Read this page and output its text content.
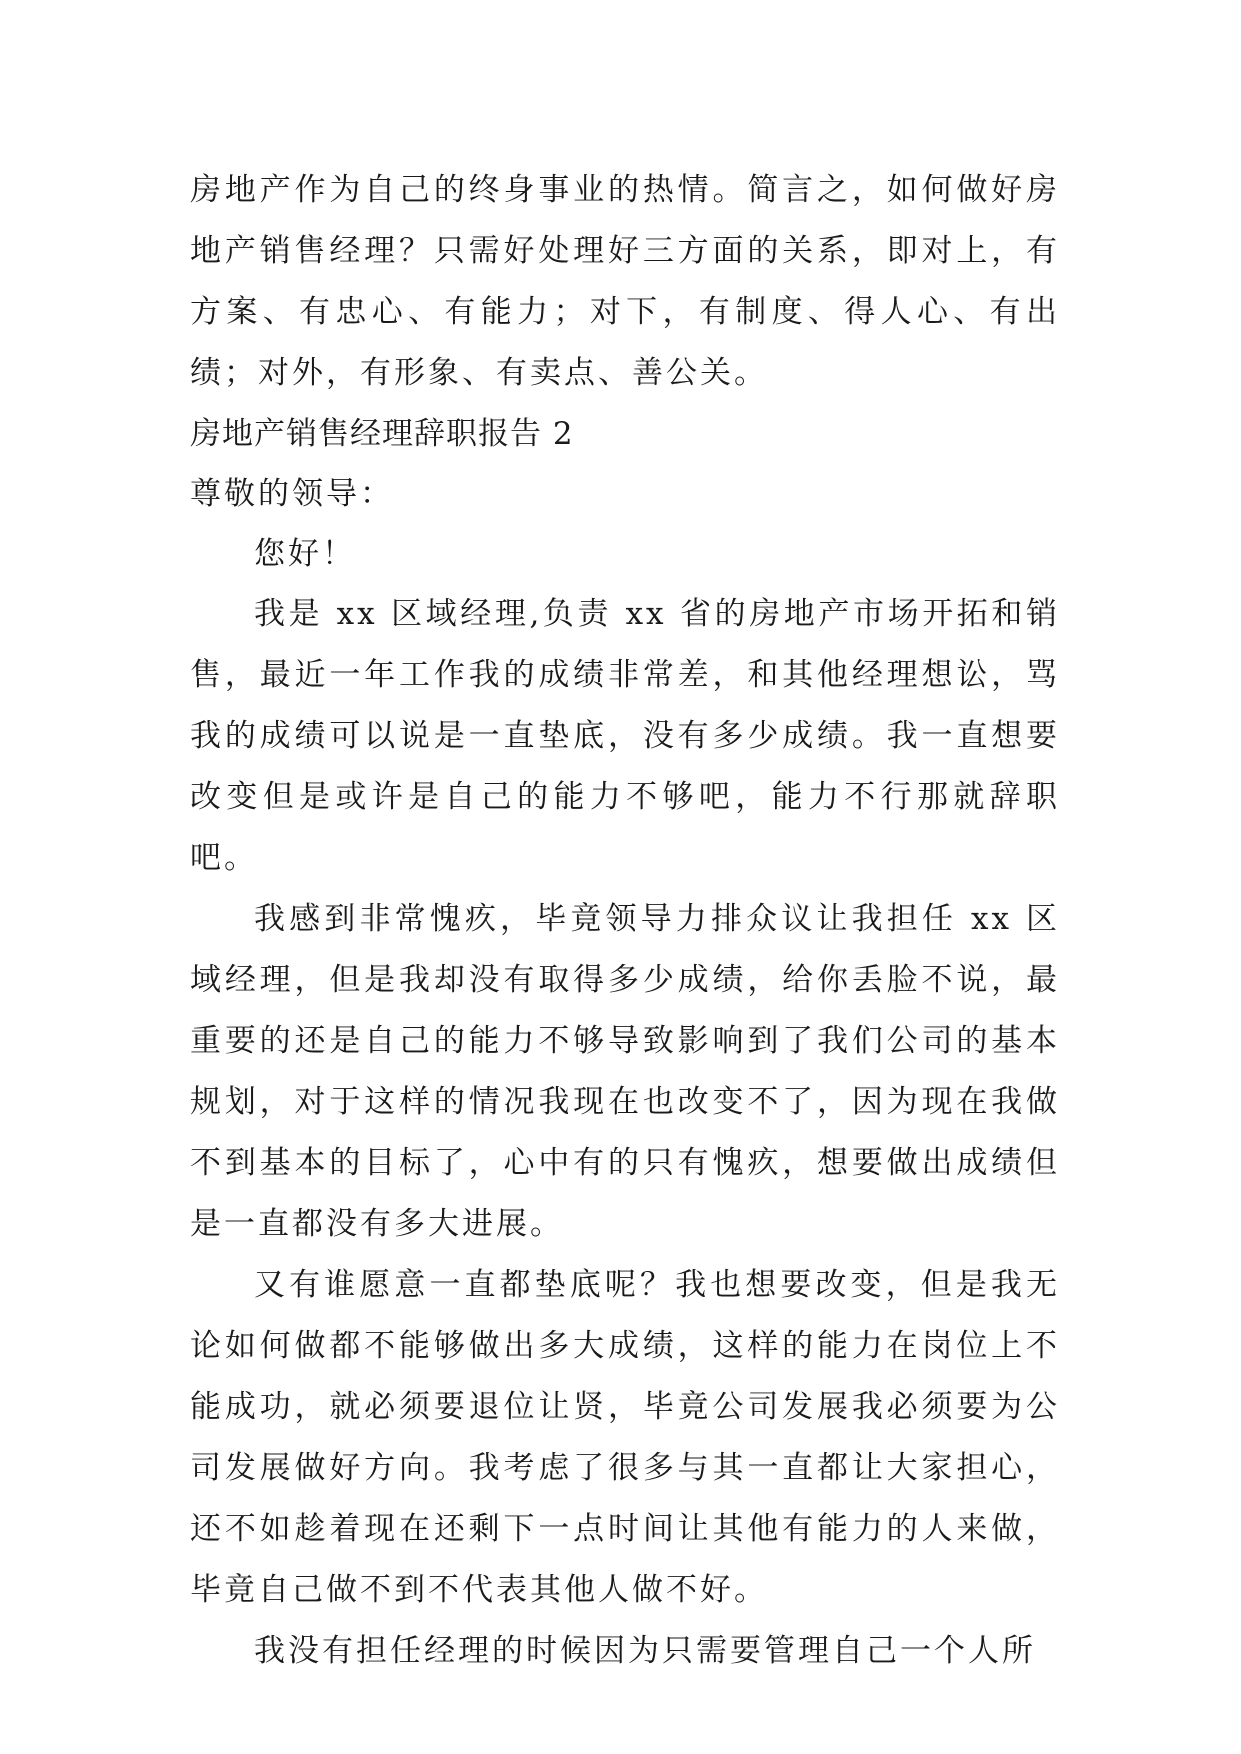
房地产作为自己的终身事业的热情。简言之，如何做好房地产销售经理？只需好处理好三方面的关系，即对上，有方案、有忠心、有能力；对下，有制度、得人心、有出绩；对外，有形象、有卖点、善公关。

房地产销售经理辞职报告 2

尊敬的领导：

您好！

我是 xx 区域经理,负责 xx 省的房地产市场开拓和销售，最近一年工作我的成绩非常差，和其他经理想讼，骂我的成绩可以说是一直垫底，没有多少成绩。我一直想要改变但是或许是自己的能力不够吧，能力不行那就辞职吧。

我感到非常愧疚，毕竟领导力排众议让我担任 xx 区域经理，但是我却没有取得多少成绩，给你丢脸不说，最重要的还是自己的能力不够导致影响到了我们公司的基本规划，对于这样的情况我现在也改变不了，因为现在我做不到基本的目标了，心中有的只有愧疚，想要做出成绩但是一直都没有多大进展。

又有谁愿意一直都垫底呢？我也想要改变，但是我无论如何做都不能够做出多大成绩，这样的能力在岗位上不能成功，就必须要退位让贤，毕竟公司发展我必须要为公司发展做好方向。我考虑了很多与其一直都让大家担心，还不如趁着现在还剩下一点时间让其他有能力的人来做，毕竟自己做不到不代表其他人做不好。

我没有担任经理的时候因为只需要管理自己一个人所
